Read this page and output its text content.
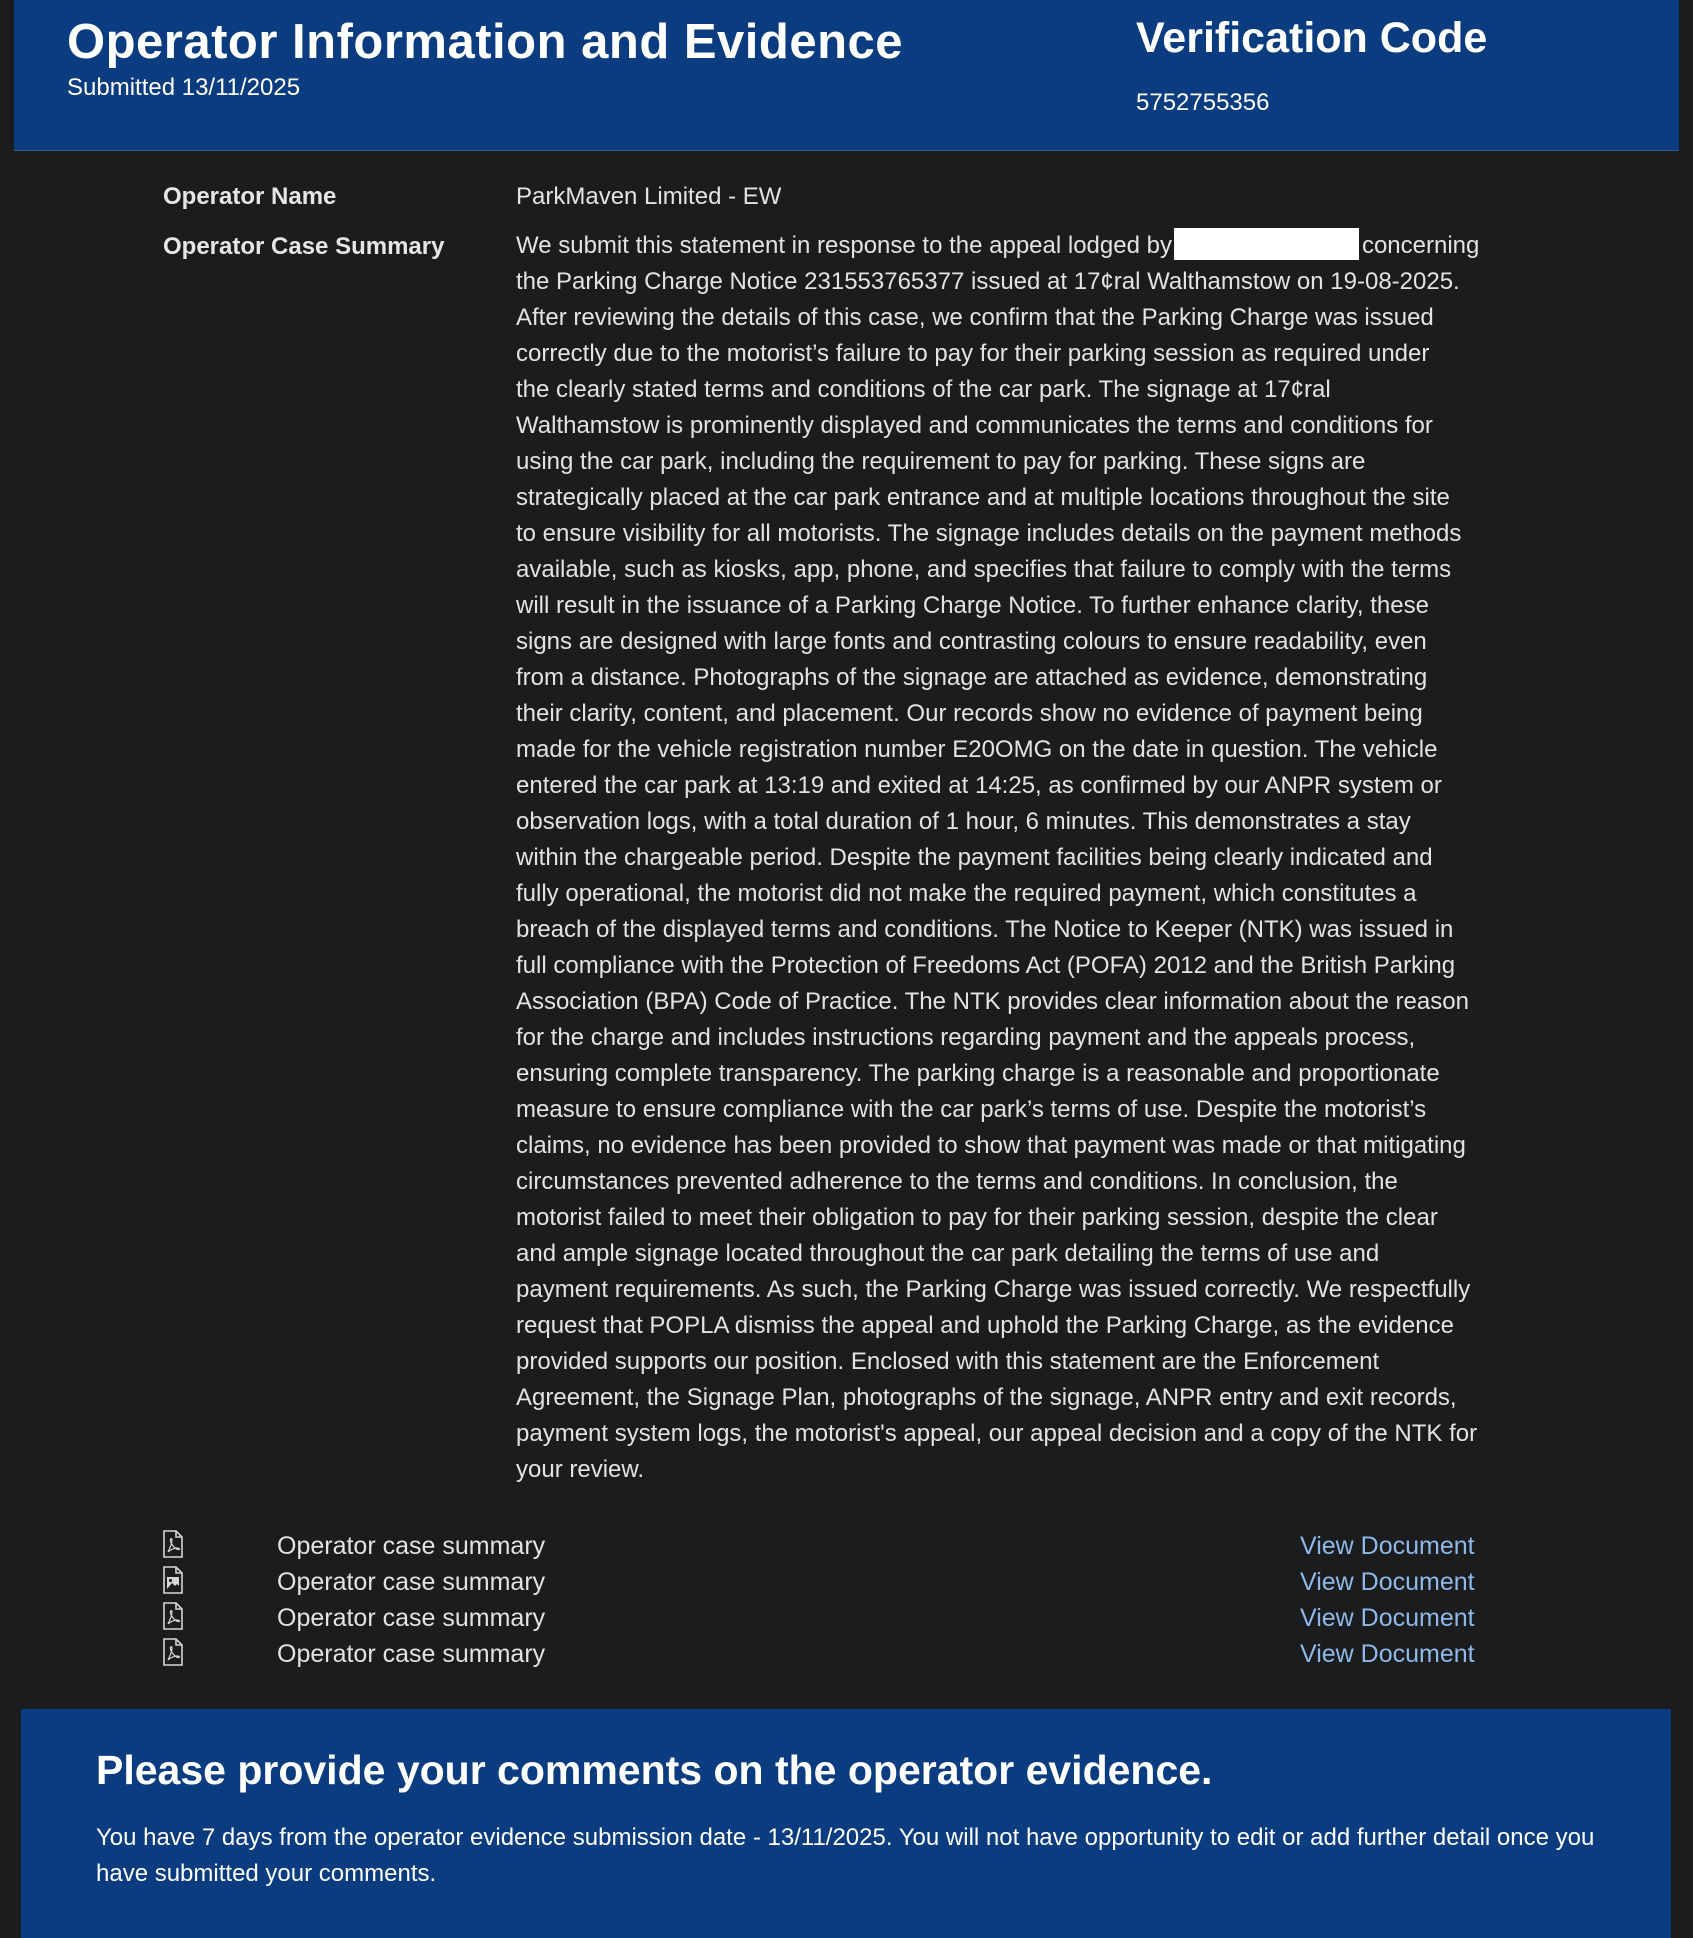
Operator Information and Evidence
Submitted 13/11/2025
Verification Code
5752755356
Operator Name	ParkMaven Limited - EW
Operator Case Summary	We submit this statement in response to the appeal lodged by	concerning
the Parking Charge Notice 231553765377 issued at 17¢ral Walthamstow on 19-08-2025.
After reviewing the details of this case, we confirm that the Parking Charge was issued
correctly due to the motorist’s failure to pay for their parking session as required under
the clearly stated terms and conditions of the car park. The signage at 17¢ral
Walthamstow is prominently displayed and communicates the terms and conditions for
using the car park, including the requirement to pay for parking. These signs are
strategically placed at the car park entrance and at multiple locations throughout the site
to ensure visibility for all motorists. The signage includes details on the payment methods
available, such as kiosks, app, phone, and specifies that failure to comply with the terms
will result in the issuance of a Parking Charge Notice. To further enhance clarity, these
signs are designed with large fonts and contrasting colours to ensure readability, even
from a distance. Photographs of the signage are attached as evidence, demonstrating
their clarity, content, and placement. Our records show no evidence of payment being
made for the vehicle registration number E20OMG on the date in question. The vehicle
entered the car park at 13:19 and exited at 14:25, as confirmed by our ANPR system or
observation logs, with a total duration of 1 hour, 6 minutes. This demonstrates a stay
within the chargeable period. Despite the payment facilities being clearly indicated and
fully operational, the motorist did not make the required payment, which constitutes a
breach of the displayed terms and conditions. The Notice to Keeper (NTK) was issued in
full compliance with the Protection of Freedoms Act (POFA) 2012 and the British Parking
Association (BPA) Code of Practice. The NTK provides clear information about the reason
for the charge and includes instructions regarding payment and the appeals process,
ensuring complete transparency. The parking charge is a reasonable and proportionate
measure to ensure compliance with the car park’s terms of use. Despite the motorist’s
claims, no evidence has been provided to show that payment was made or that mitigating
circumstances prevented adherence to the terms and conditions. In conclusion, the
motorist failed to meet their obligation to pay for their parking session, despite the clear
and ample signage located throughout the car park detailing the terms of use and
payment requirements. As such, the Parking Charge was issued correctly. We respectfully
request that POPLA dismiss the appeal and uphold the Parking Charge, as the evidence
provided supports our position. Enclosed with this statement are the Enforcement
Agreement, the Signage Plan, photographs of the signage, ANPR entry and exit records,
payment system logs, the motorist's appeal, our appeal decision and a copy of the NTK for
your review.
Operator case summary	View Document
Operator case summary	View Document
Operator case summary	View Document
Operator case summary	View Document
Please provide your comments on the operator evidence.
You have 7 days from the operator evidence submission date - 13/11/2025. You will not have opportunity to edit or add further detail once you have submitted your comments.
